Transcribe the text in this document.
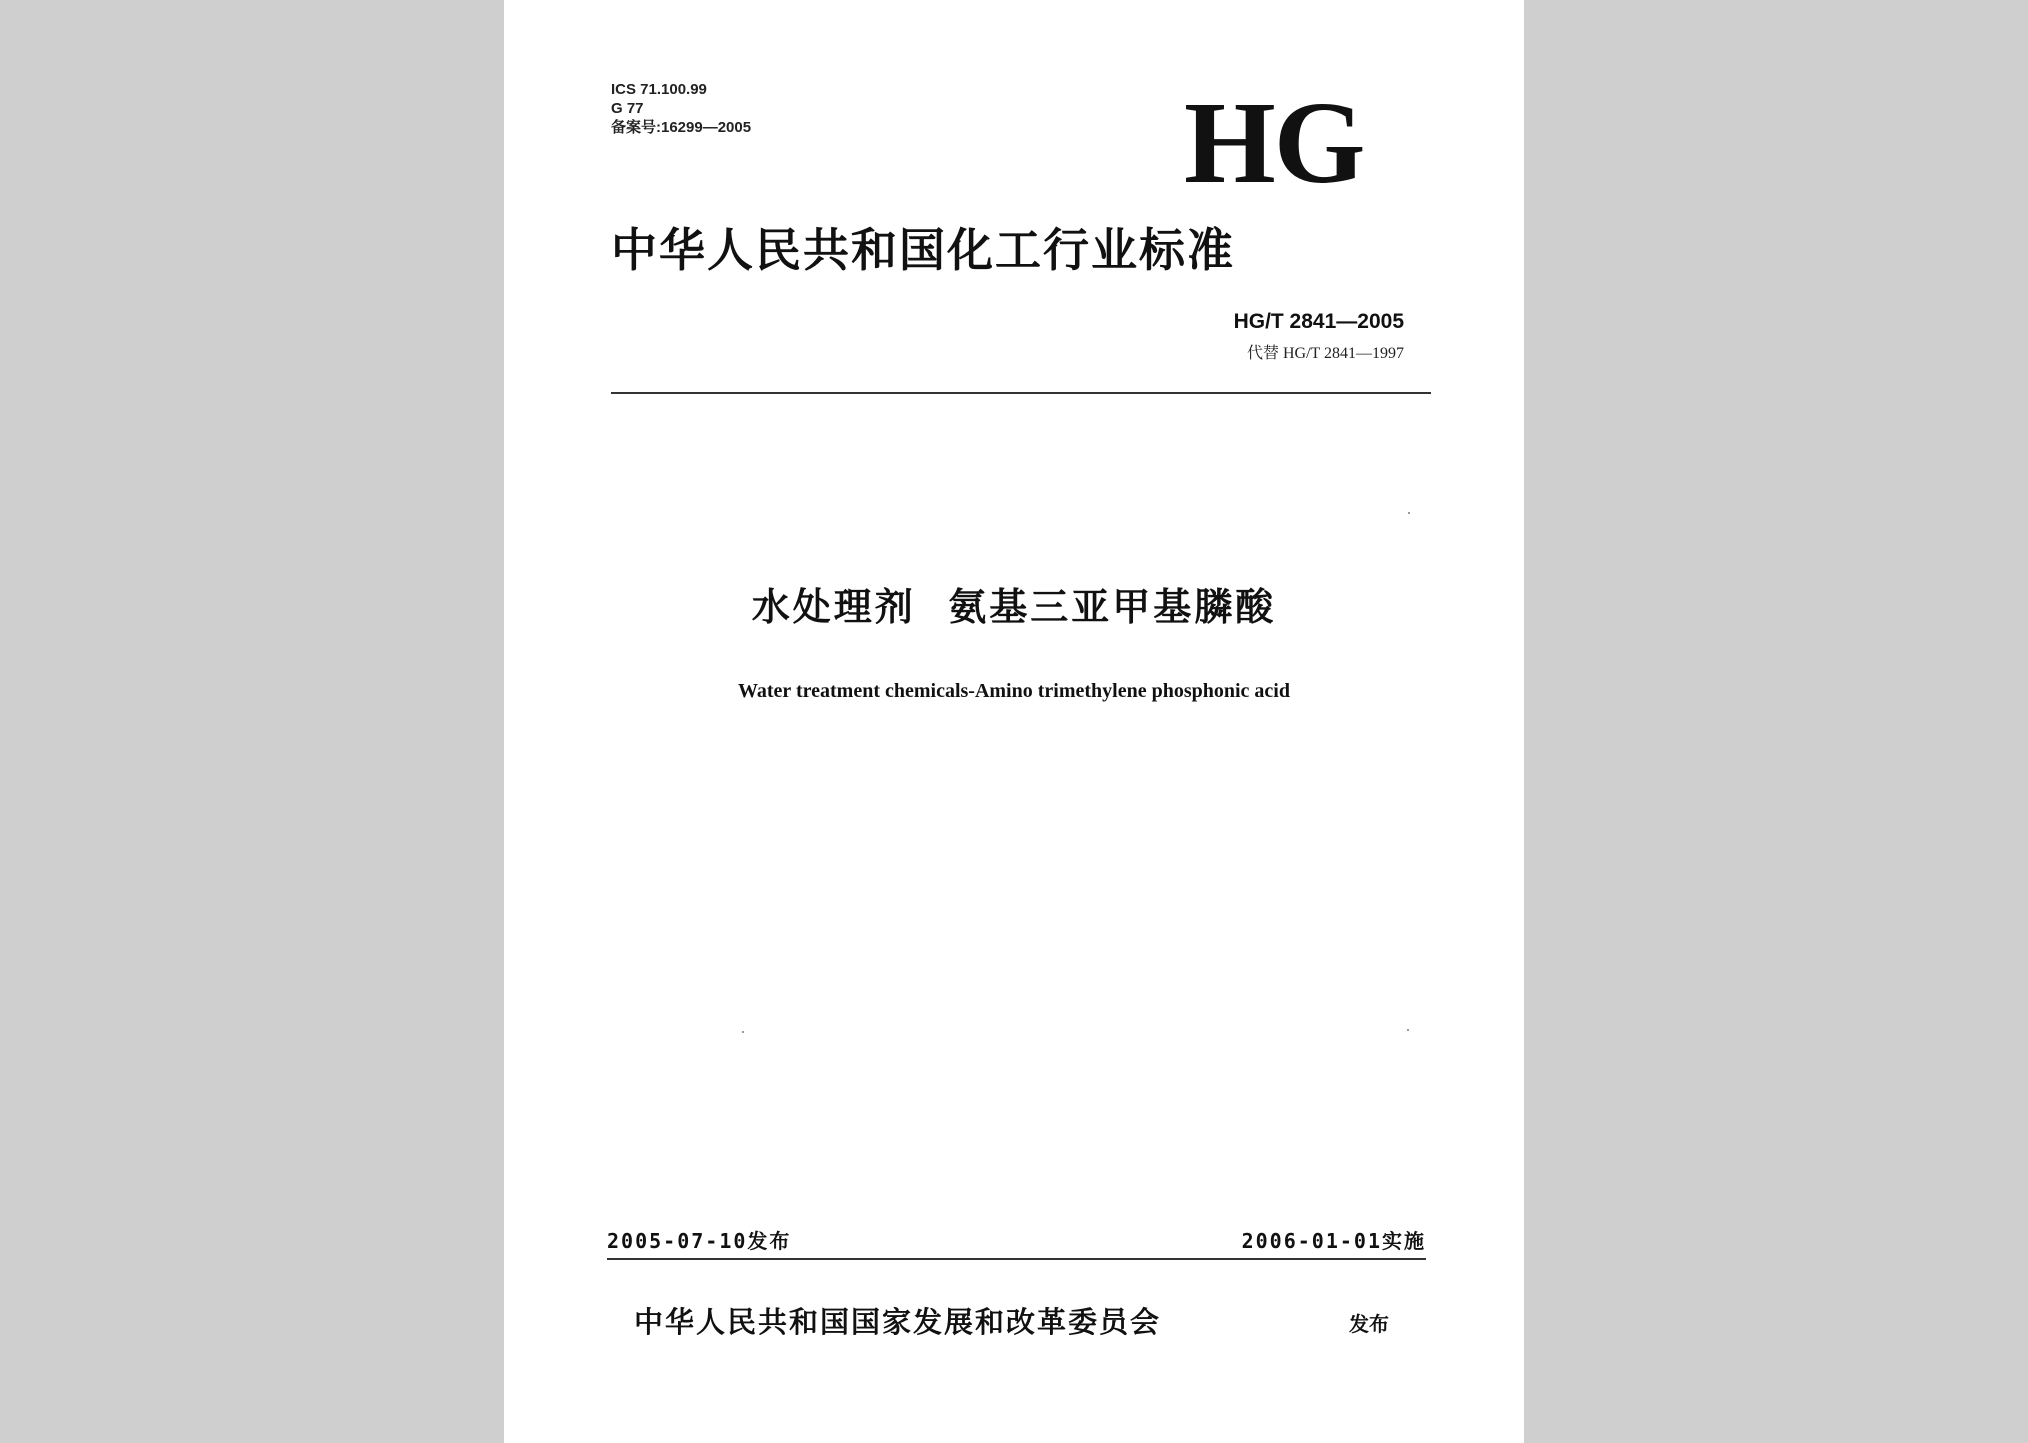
ICS 71.100.99
G 77
备案号:16299—2005	HG
中华人民共和国化工行业标准
HG/T 2841—2005
代替 HG/T 2841—1997
水处理剂  氨基三亚甲基膦酸
Water treatment chemicals-Amino trimethylene phosphonic acid
2005-07-10发布	2006-01-01实施
中华人民共和国国家发展和改革委员会	发布
